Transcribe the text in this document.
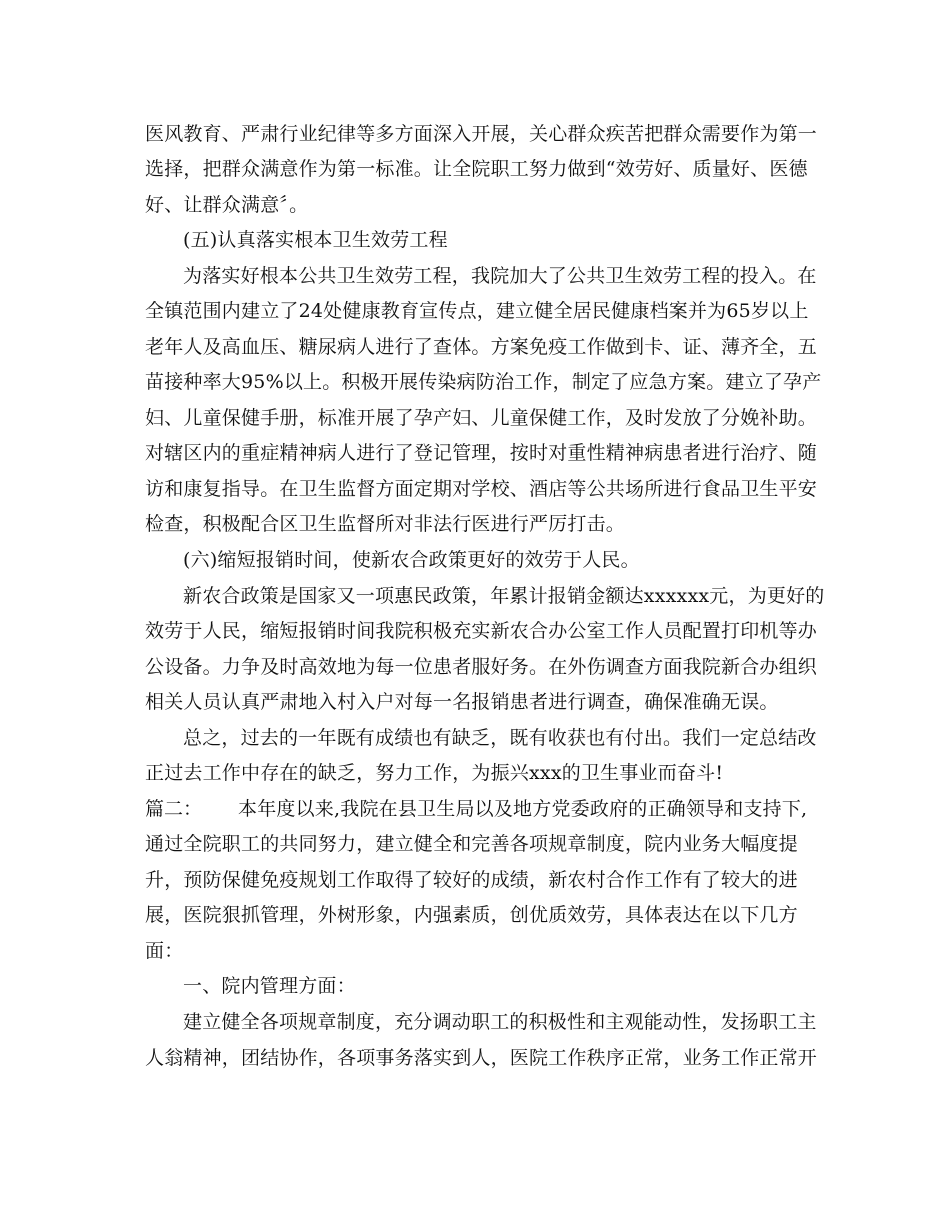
医风教育、严肃行业纪律等多方面深入开展，关心群众疾苦把群众需要作为第一
选择，把群众满意作为第一标准。让全院职工努力做到“效劳好、质量好、医德
好、让群众满意〞。
(五)认真落实根本卫生效劳工程
为落实好根本公共卫生效劳工程，我院加大了公共卫生效劳工程的投入。在
全镇范围内建立了24处健康教育宣传点，建立健全居民健康档案并为65岁以上
老年人及高血压、糖尿病人进行了查体。方案免疫工作做到卡、证、薄齐全，五
苗接种率大95%以上。积极开展传染病防治工作，制定了应急方案。建立了孕产
妇、儿童保健手册，标准开展了孕产妇、儿童保健工作，及时发放了分娩补助。
对辖区内的重症精神病人进行了登记管理，按时对重性精神病患者进行治疗、随
访和康复指导。在卫生监督方面定期对学校、酒店等公共场所进行食品卫生平安
检查，积极配合区卫生监督所对非法行医进行严厉打击。
(六)缩短报销时间，使新农合政策更好的效劳于人民。
新农合政策是国家又一项惠民政策，年累计报销金额达xxxxxx元，为更好的
效劳于人民，缩短报销时间我院积极充实新农合办公室工作人员配置打印机等办
公设备。力争及时高效地为每一位患者服好务。在外伤调查方面我院新合办组织
相关人员认真严肃地入村入户对每一名报销患者进行调查，确保准确无误。
总之，过去的一年既有成绩也有缺乏，既有收获也有付出。我们一定总结改
正过去工作中存在的缺乏，努力工作，为振兴xxx的卫生事业而奋斗!
篇二： 本年度以来,我院在县卫生局以及地方党委政府的正确领导和支持下,
通过全院职工的共同努力，建立健全和完善各项规章制度，院内业务大幅度提
升，预防保健免疫规划工作取得了较好的成绩，新农村合作工作有了较大的进
展，医院狠抓管理，外树形象，内强素质，创优质效劳，具体表达在以下几方
面：
一、院内管理方面：
建立健全各项规章制度，充分调动职工的积极性和主观能动性，发扬职工主
人翁精神，团结协作，各项事务落实到人，医院工作秩序正常，业务工作正常开
